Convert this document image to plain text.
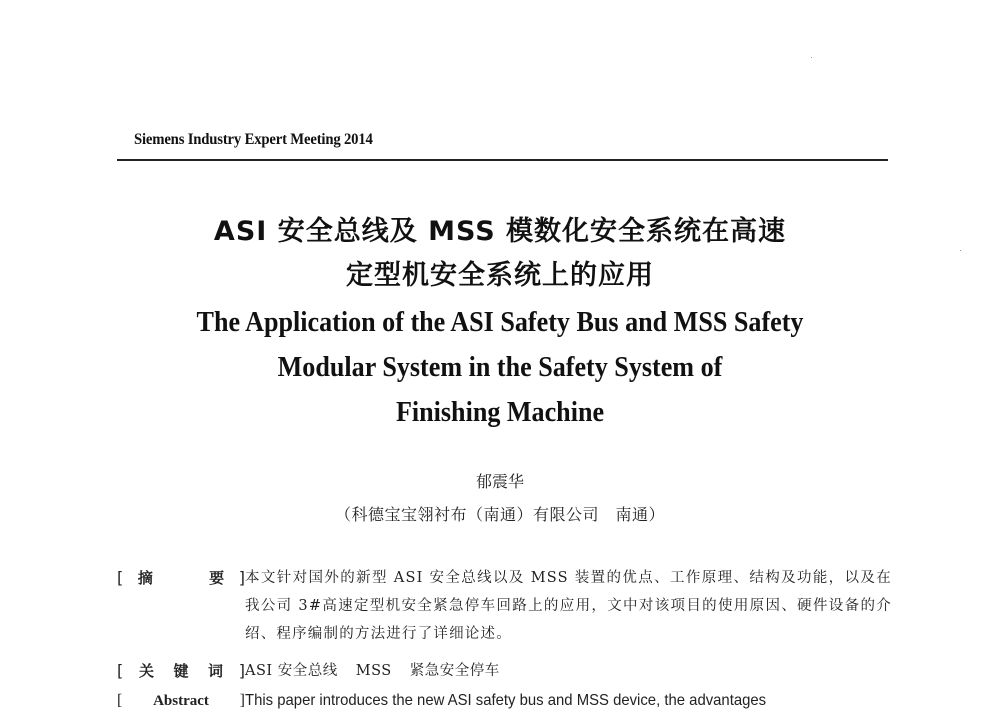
Siemens Industry Expert Meeting 2014
ASI 安全总线及 MSS 模数化安全系统在高速
定型机安全系统上的应用
The Application of the ASI Safety Bus and MSS Safety
Modular System in the Safety System of
Finishing Machine
郁震华
（科德宝宝翎衬布（南通）有限公司　南通）
[ 摘	要 ] 本文针对国外的新型 ASI 安全总线以及 MSS 装置的优点、工作原理、结构及功能，以及在我公司 3#高速定型机安全紧急停车回路上的应用，文中对该项目的使用原因、硬件设备的介绍、程序编制的方法进行了详细论述。
[ 关 键 词 ] ASI 安全总线 MSS 紧急安全停车
[ Abstract ] This paper introduces the new ASI safety bus and MSS device, the advantages
